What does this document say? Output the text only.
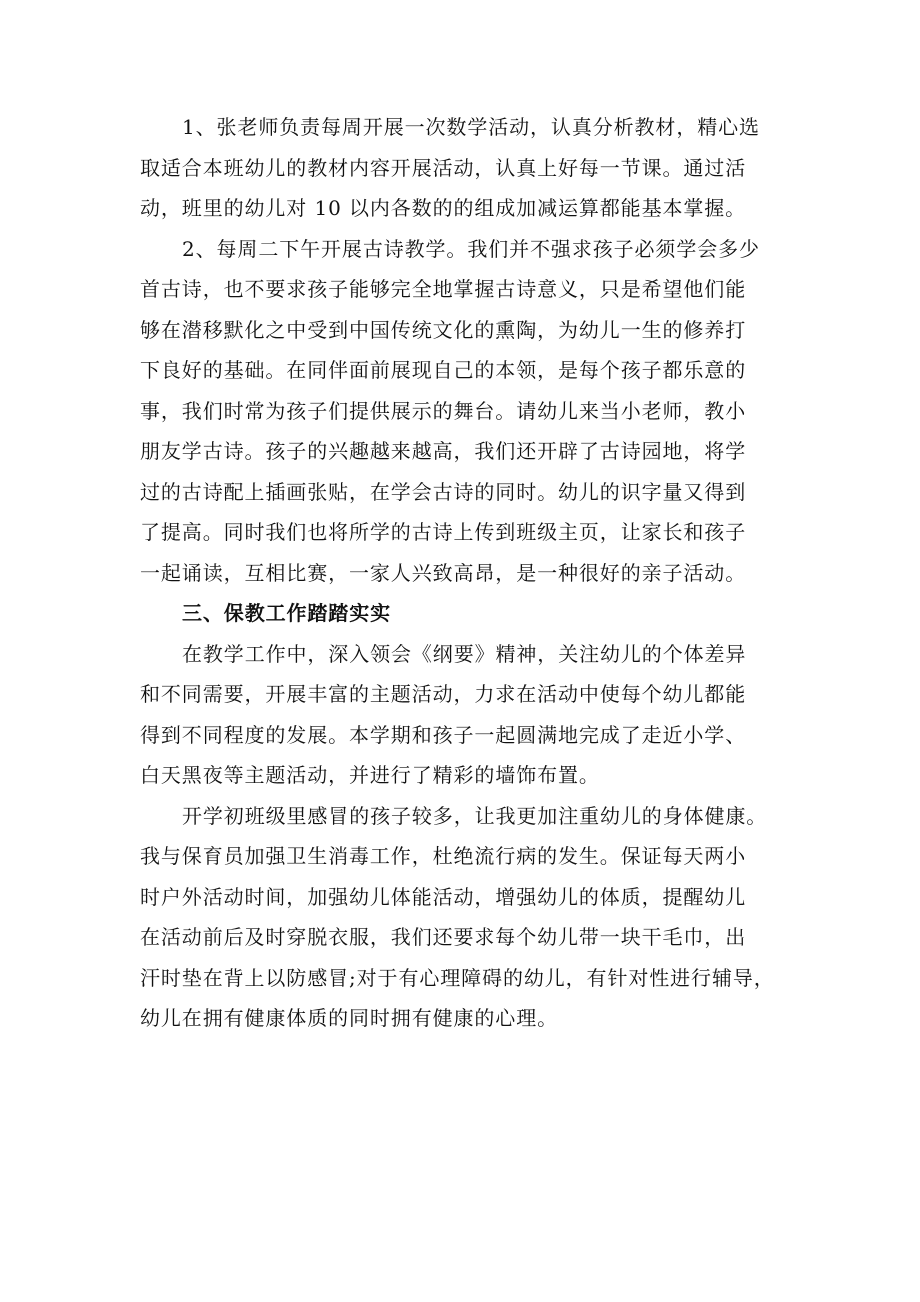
1、张老师负责每周开展一次数学活动，认真分析教材，精心选
取适合本班幼儿的教材内容开展活动，认真上好每一节课。通过活
动，班里的幼儿对 10 以内各数的的组成加减运算都能基本掌握。
2、每周二下午开展古诗教学。我们并不强求孩子必须学会多少
首古诗，也不要求孩子能够完全地掌握古诗意义，只是希望他们能
够在潜移默化之中受到中国传统文化的熏陶，为幼儿一生的修养打
下良好的基础。在同伴面前展现自己的本领，是每个孩子都乐意的
事，我们时常为孩子们提供展示的舞台。请幼儿来当小老师，教小
朋友学古诗。孩子的兴趣越来越高，我们还开辟了古诗园地，将学
过的古诗配上插画张贴，在学会古诗的同时。幼儿的识字量又得到
了提高。同时我们也将所学的古诗上传到班级主页，让家长和孩子
一起诵读，互相比赛，一家人兴致高昂，是一种很好的亲子活动。
三、保教工作踏踏实实
在教学工作中，深入领会《纲要》精神，关注幼儿的个体差异
和不同需要，开展丰富的主题活动，力求在活动中使每个幼儿都能
得到不同程度的发展。本学期和孩子一起圆满地完成了走近小学、
白天黑夜等主题活动，并进行了精彩的墙饰布置。
开学初班级里感冒的孩子较多，让我更加注重幼儿的身体健康。
我与保育员加强卫生消毒工作，杜绝流行病的发生。保证每天两小
时户外活动时间，加强幼儿体能活动，增强幼儿的体质，提醒幼儿
在活动前后及时穿脱衣服，我们还要求每个幼儿带一块干毛巾，出
汗时垫在背上以防感冒;对于有心理障碍的幼儿，有针对性进行辅导，
幼儿在拥有健康体质的同时拥有健康的心理。
